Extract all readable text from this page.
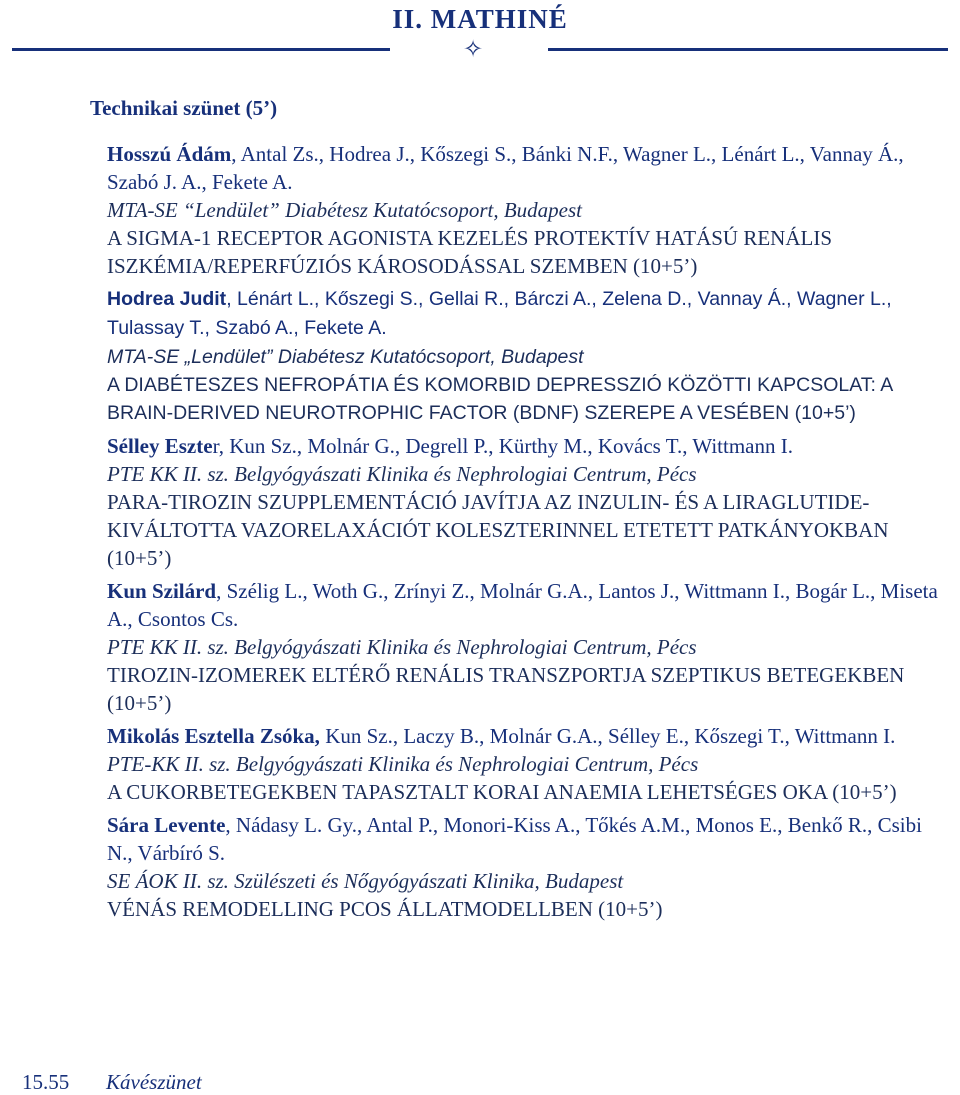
II. MATHINÉ
✧
Technikai szünet (5’)
Hosszú Ádám, Antal Zs., Hodrea J., Kőszegi S., Bánki N.F., Wagner L., Lénárt L., Vannay Á., Szabó J. A., Fekete A.
MTA-SE “Lendület” Diabétesz Kutatócsoport, Budapest
A SIGMA-1 RECEPTOR AGONISTA KEZELÉS PROTEKTÍV HATÁSÚ RENÁLIS ISZKÉMIA/REPERFÚZIÓS KÁROSODÁSSAL SZEMBEN (10+5’)
Hodrea Judit, Lénárt L., Kőszegi S., Gellai R., Bárczi A., Zelena D., Vannay Á., Wagner L., Tulassay T., Szabó A., Fekete A.
MTA-SE „Lendület” Diabétesz Kutatócsoport, Budapest
A DIABÉTESZES NEFROPÁTIA ÉS KOMORBID DEPRESSZIÓ KÖZÖTTI KAPCSOLAT: A BRAIN-DERIVED NEUROTROPHIC FACTOR (BDNF) SZEREPE A VESÉBEN (10+5’)
Sélley Eszter, Kun Sz., Molnár G., Degrell P., Kürthy M., Kovács T., Wittmann I.
PTE KK II. sz. Belgyógyászati Klinika és Nephrologiai Centrum, Pécs
PARA-TIROZIN SZUPPLEMENTÁCIÓ JAVÍTJA AZ INZULIN- ÉS A LIRAGLUTIDE-KIVÁLTOTTA VAZORELAXÁCIÓT KOLESZTERINNEL ETETETT PATKÁNYOKBAN (10+5’)
Kun Szilárd, Szélig L., Woth G., Zrínyi Z., Molnár G.A., Lantos J., Wittmann I., Bogár L., Miseta A., Csontos Cs.
PTE KK II. sz. Belgyógyászati Klinika és Nephrologiai Centrum, Pécs
TIROZIN-IZOMEREK ELTÉRŐ RENÁLIS TRANSZPORTJA SZEPTIKUS BETEGEKBEN (10+5’)
Mikolás Esztella Zsóka, Kun Sz., Laczy B., Molnár G.A., Sélley E., Kőszegi T., Wittmann I.
PTE-KK II. sz. Belgyógyászati Klinika és Nephrologiai Centrum, Pécs
A CUKORBETEGEKBEN TAPASZTALT KORAI ANAEMIA LEHETSÉGES OKA (10+5’)
Sára Levente, Nádasy L. Gy., Antal P., Monori-Kiss A., Tőkés A.M., Monos E., Benkő R., Csibi N., Várbíró S.
SE ÁOK II. sz. Szülészeti és Nőgyógyászati Klinika, Budapest
VÉNÁS REMODELLING PCOS ÁLLATMODELLBEN (10+5’)
15.55 Kávészünet
